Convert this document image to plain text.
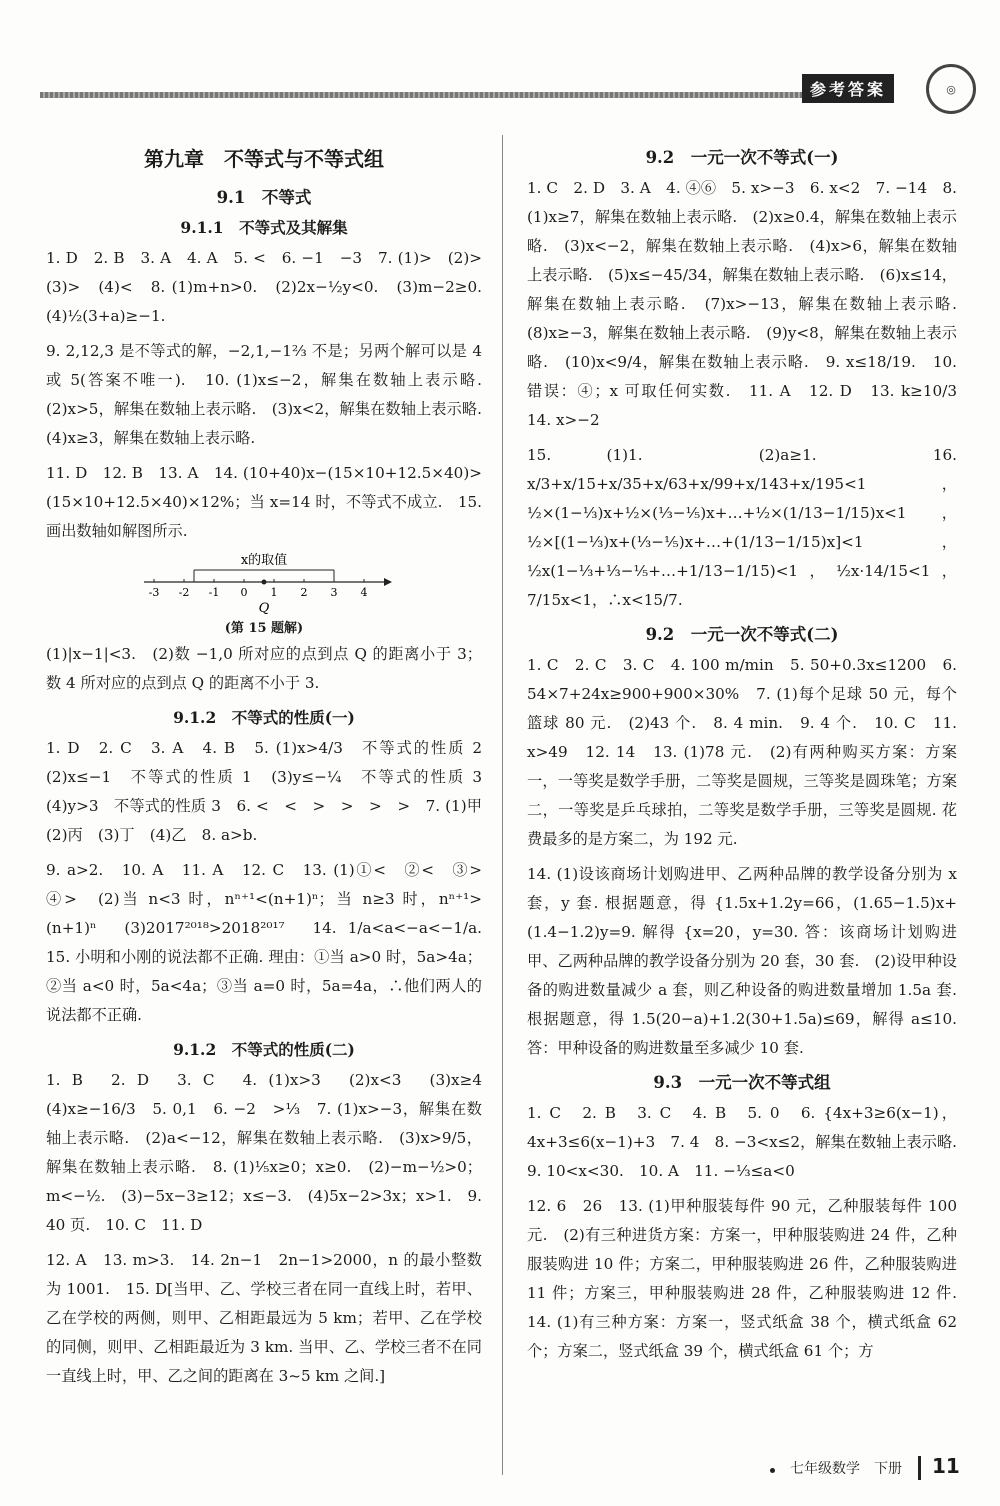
参考答案	◎
第九章　不等式与不等式组
9.1　不等式
9.1.1　不等式及其解集

1. D　2. B　3. A　4. A　5. <　6. −1　−3　7. (1)>　(2)>　(3)>　(4)<　8. (1)m+n>0.　(2)2x−½y<0.　(3)m−2≥0.　(4)½(3+a)≥−1.

9. 2,12,3 是不等式的解，−2,1,−1⅔ 不是；另两个解可以是 4 或 5(答案不唯一).　10. (1)x≤−2，解集在数轴上表示略.　(2)x>5，解集在数轴上表示略.　(3)x<2，解集在数轴上表示略.　(4)x≥3，解集在数轴上表示略.

11. D　12. B　13. A　14. (10+40)x−(15×10+12.5×40)>(15×10+12.5×40)×12%；当 x=14 时，不等式不成立.　15. 画出数轴如解图所示.

x的取值
-3 -2 -1 0 1 2 3 4
Q
(第 15 题解)

(1)|x−1|<3.　(2)数 −1,0 所对应的点到点 Q 的距离小于 3；数 4 所对应的点到点 Q 的距离不小于 3.

9.1.2　不等式的性质(一)

1. D　2. C　3. A　4. B　5. (1)x>4/3　不等式的性质 2　(2)x≤−1　不等式的性质 1　(3)y≤−¼　不等式的性质 3　(4)y>3　不等式的性质 3　6. <　<　>　>　>　>　7. (1)甲　(2)丙　(3)丁　(4)乙　8. a>b.

9. a>2.　10. A　11. A　12. C　13. (1)①<　②<　③>　④>　(2)当 n<3 时，nⁿ⁺¹<(n+1)ⁿ；当 n≥3 时，nⁿ⁺¹>(n+1)ⁿ　(3)2017²⁰¹⁸>2018²⁰¹⁷　14. 1/a<a<−a<−1/a.　15. 小明和小刚的说法都不正确. 理由：①当 a>0 时，5a>4a；②当 a<0 时，5a<4a；③当 a=0 时，5a=4a，∴他们两人的说法都不正确.

9.1.2　不等式的性质(二)

1. B　2. D　3. C　4. (1)x>3　(2)x<3　(3)x≥4　(4)x≥−16/3　5. 0,1　6. −2　>⅓　7. (1)x>−3，解集在数轴上表示略.　(2)a<−12，解集在数轴上表示略.　(3)x>9/5，解集在数轴上表示略.　8. (1)⅕x≥0；x≥0.　(2)−m−½>0；m<−½.　(3)−5x−3≥12；x≤−3.　(4)5x−2>3x；x>1.　9. 40 页.　10. C　11. D

12. A　13. m>3.　14. 2n−1　2n−1>2000，n 的最小整数为 1001.　15. D[当甲、乙、学校三者在同一直线上时，若甲、乙在学校的两侧，则甲、乙相距最远为 5 km；若甲、乙在学校的同侧，则甲、乙相距最近为 3 km. 当甲、乙、学校三者不在同一直线上时，甲、乙之间的距离在 3~5 km 之间.]

9.2　一元一次不等式(一)

1. C　2. D　3. A　4. ④⑥　5. x>−3　6. x<2　7. −14　8. (1)x≥7，解集在数轴上表示略.　(2)x≥0.4，解集在数轴上表示略.　(3)x<−2，解集在数轴上表示略.　(4)x>6，解集在数轴上表示略.　(5)x≤−45/34，解集在数轴上表示略.　(6)x≤14，解集在数轴上表示略.　(7)x>−13，解集在数轴上表示略.　(8)x≥−3，解集在数轴上表示略.　(9)y<8，解集在数轴上表示略.　(10)x<9/4，解集在数轴上表示略.　9. x≤18/19.　10. 错误：④；x 可取任何实数.　11. A　12. D　13. k≥10/3　14. x>−2

15. (1)1.　(2)a≥1.　16. x/3+x/15+x/35+x/63+x/99+x/143+x/195<1，½×(1−⅓)x+½×(⅓−⅕)x+…+½×(1/13−1/15)x<1，½×[(1−⅓)x+(⅓−⅕)x+…+(1/13−1/15)x]<1，½x(1−⅓+⅓−⅕+…+1/13−1/15)<1，½x·14/15<1，7/15x<1，∴x<15/7.

9.2　一元一次不等式(二)

1. C　2. C　3. C　4. 100 m/min　5. 50+0.3x≤1200　6. 54×7+24x≥900+900×30%　7. (1)每个足球 50 元，每个篮球 80 元.　(2)43 个.　8. 4 min.　9. 4 个.　10. C　11. x>49　12. 14　13. (1)78 元.　(2)有两种购买方案：方案一，一等奖是数学手册，二等奖是圆规，三等奖是圆珠笔；方案二，一等奖是乒乓球拍，二等奖是数学手册，三等奖是圆规. 花费最多的是方案二，为 192 元.

14. (1)设该商场计划购进甲、乙两种品牌的教学设备分别为 x 套，y 套. 根据题意，得 {1.5x+1.2y=66，(1.65−1.5)x+(1.4−1.2)y=9. 解得 {x=20，y=30. 答：该商场计划购进甲、乙两种品牌的教学设备分别为 20 套，30 套.　(2)设甲种设备的购进数量减少 a 套，则乙种设备的购进数量增加 1.5a 套. 根据题意，得 1.5(20−a)+1.2(30+1.5a)≤69，解得 a≤10. 答：甲种设备的购进数量至多减少 10 套.

9.3　一元一次不等式组

1. C　2. B　3. C　4. B　5. 0　6. {4x+3≥6(x−1)，4x+3≤6(x−1)+3　7. 4　8. −3<x≤2，解集在数轴上表示略.　9. 10<x<30.　10. A　11. −⅓≤a<0

12. 6　26　13. (1)甲种服装每件 90 元，乙种服装每件 100 元.　(2)有三种进货方案：方案一，甲种服装购进 24 件，乙种服装购进 10 件；方案二，甲种服装购进 26 件，乙种服装购进 11 件；方案三，甲种服装购进 28 件，乙种服装购进 12 件.　14. (1)有三种方案：方案一，竖式纸盒 38 个，横式纸盒 62 个；方案二，竖式纸盒 39 个，横式纸盒 61 个；方

七年级数学　下册 11
